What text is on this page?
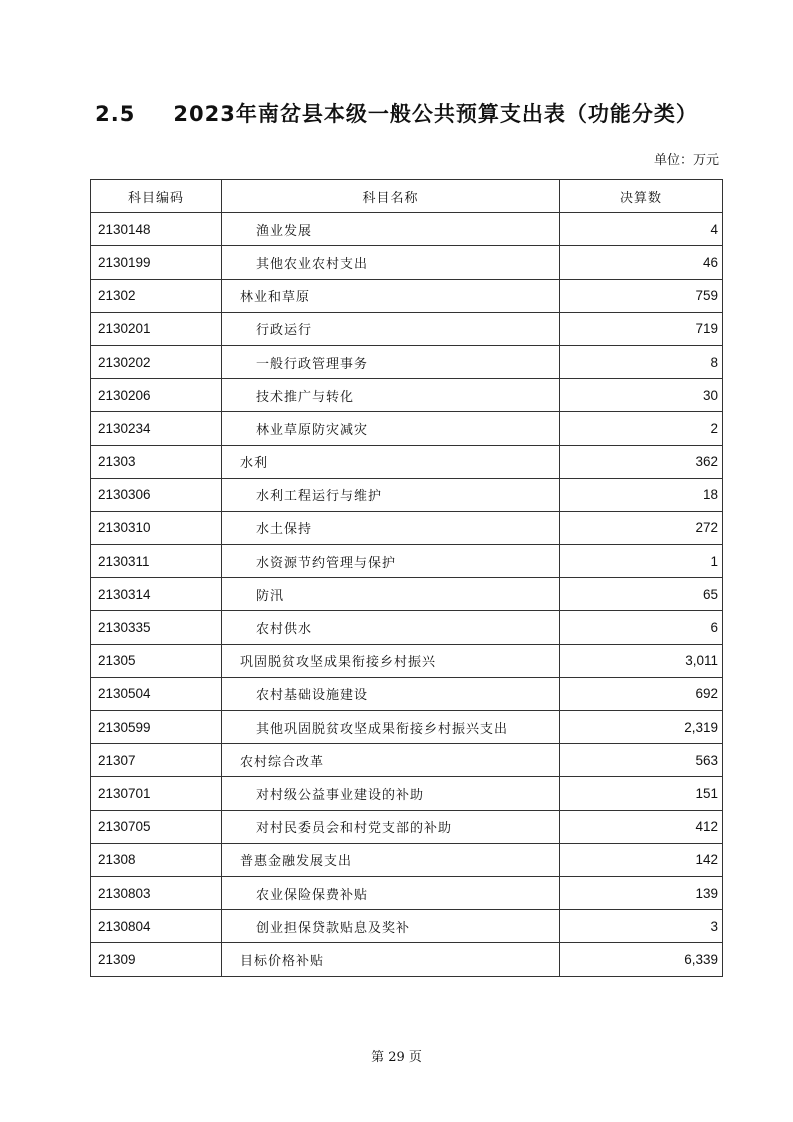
2.5 2023年南岔县本级一般公共预算支出表（功能分类）
单位：万元
科目编码	科目名称	决算数
2130148	渔业发展	4
2130199	其他农业农村支出	46
21302	林业和草原	759
2130201	行政运行	719
2130202	一般行政管理事务	8
2130206	技术推广与转化	30
2130234	林业草原防灾减灾	2
21303	水利	362
2130306	水利工程运行与维护	18
2130310	水土保持	272
2130311	水资源节约管理与保护	1
2130314	防汛	65
2130335	农村供水	6
21305	巩固脱贫攻坚成果衔接乡村振兴	3,011
2130504	农村基础设施建设	692
2130599	其他巩固脱贫攻坚成果衔接乡村振兴支出	2,319
21307	农村综合改革	563
2130701	对村级公益事业建设的补助	151
2130705	对村民委员会和村党支部的补助	412
21308	普惠金融发展支出	142
2130803	农业保险保费补贴	139
2130804	创业担保贷款贴息及奖补	3
21309	目标价格补贴	6,339
第 29 页
